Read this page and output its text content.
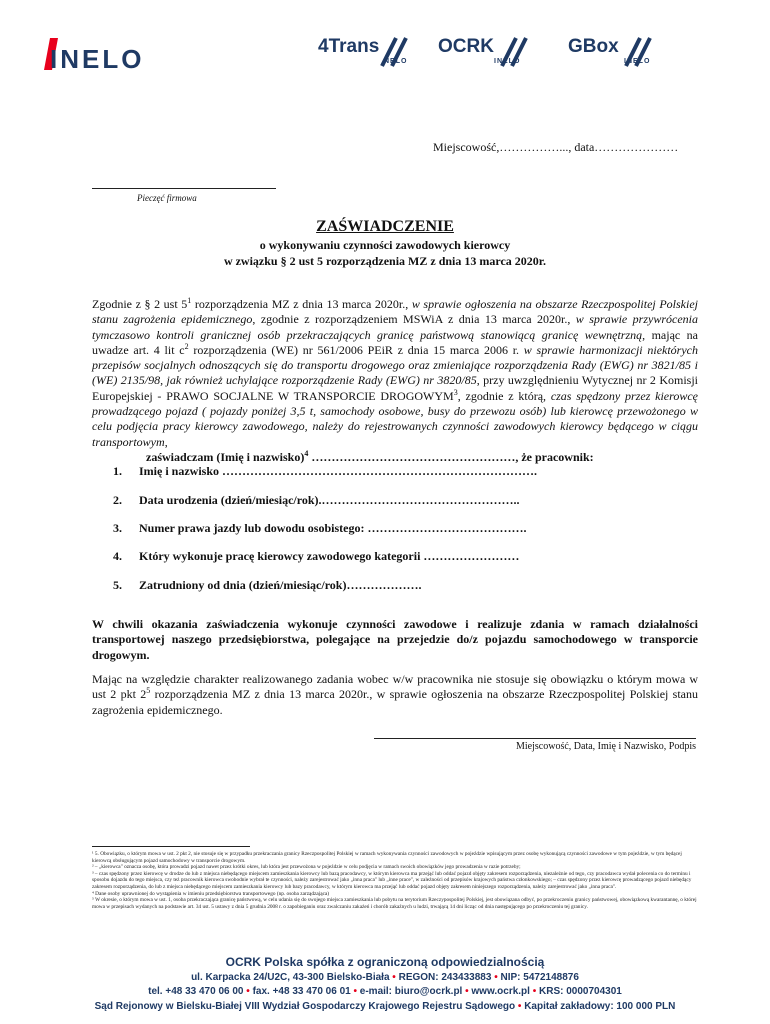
INELO	4Trans
NELO
OCRK
INELO
GBox
INELO
Miejscowość,……………..., data…………………
Pieczęć firmowa
ZAŚWIADCZENIE
o wykonywaniu czynności zawodowych kierowcy
w związku § 2 ust 5 rozporządzenia MZ z dnia 13 marca 2020r.
Zgodnie z § 2 ust $5^1$ rozporządzenia MZ z dnia 13 marca 2020r., w sprawie ogłoszenia na obszarze Rzeczpospolitej Polskiej stanu zagrożenia epidemicznego, zgodnie z rozporządzeniem MSWiA z dnia 13 marca 2020r., w sprawie przywrócenia tymczasowo kontroli granicznej osób przekraczających granicę państwową stanowiącą granicę wewnętrzną, mając na uwadze art. 4 lit $c^2$ rozporządzenia (WE) nr 561/2006 PEiR z dnia 15 marca 2006 r. w sprawie harmonizacji niektórych przepisów socjalnych odnoszących się do transportu drogowego oraz zmieniające rozporządzenia Rady (EWG) nr 3821/85 i (WE) 2135/98, jak również uchylające rozporządzenie Rady (EWG) nr 3820/85, przy uwzględnieniu Wytycznej nr 2 Komisji Europejskiej - PRAWO SOCJALNE W TRANSPORCIE DROGOWYM$^3$, zgodnie z którą, czas spędzony przez kierowcę prowadzącego pojazd ( pojazdy poniżej 3,5 t, samochody osobowe, busy do przewozu osób) lub kierowcę przewożonego w celu podjęcia pracy kierowcy zawodowego, należy do rejestrowanych czynności zawodowych kierowcy będącego w ciągu transportowym,
zaświadczam (Imię i nazwisko)$^4$ ……………………………………………, że pracownik:
1. Imię i nazwisko …………………………………………………………………….
2. Data urodzenia (dzień/miesiąc/rok).…………………………………………..
3. Numer prawa jazdy lub dowodu osobistego: ………………………………….
4. Który wykonuje pracę kierowcy zawodowego kategorii ……………………
5. Zatrudniony od dnia (dzień/miesiąc/rok)……………….
W chwili okazania zaświadczenia wykonuje czynności zawodowe i realizuje zdania w ramach działalności transportowej naszego przedsiębiorstwa, polegające na przejedzie do/z pojazdu samochodowego w transporcie drogowym.
Mając na względzie charakter realizowanego zadania wobec w/w pracownika nie stosuje się obowiązku o którym mowa w ust 2 pkt $2^5$ rozporządzenia MZ z dnia 13 marca 2020r., w sprawie ogłoszenia na obszarze Rzeczpospolitej Polskiej stanu zagrożenia epidemicznego.
Miejscowość, Data, Imię i Nazwisko, Podpis
¹ 5. Obowiązku, o którym mowa w ust. 2 pkt 2, nie stosuje się w przypadku przekraczania granicy Rzeczpospolitej Polskiej w ramach wykonywania czynności zawodowych w pojeździe wpisującym przez osobę wykonującą czynności zawodowe w tym pojeździe, w tym będącej kierowcą obsługującym pojazd samochodowy w transporcie drogowym.
² – „kierowca" oznacza osobę, która prowadzi pojazd nawet przez krótki okres, lub która jest przewożona w pojeździe w celu podjęcia w ramach swoich obowiązków jego prowadzenia w razie potrzeby;
³ – czas spędzony przez kierowcę w drodze do lub z miejsca niebędącego miejscem zamieszkania kierowcy lub bazą pracodawcy, w którym kierowca ma przejąć lub oddać pojazd objęty zakresem rozporządzenia, niezależnie od tego, czy pracodawca wydał polecenia co do terminu i sposobu dojazdu do tego miejsca, czy też pracownik kierowca swobodnie wybrał te czynności, należy zarejestrować jako „inna praca" lub „inne prace", w zależności od przepisów krajowych państwa członkowskiego; – czas spędzony przez kierowcę prowadzącego pojazd niebędący zakresem rozporządzenia, do lub z miejsca niebędącego miejscem zamieszkania kierowcy lub bazy pracodawcy, w którym kierowca ma przejąć lub oddać pojazd objęty zakresem niniejszego rozporządzenia, należy zarejestrować jako „inna praca".
⁴ Dane osoby uprawnionej do wystąpienia w imieniu przedsiębiorstwa transportowego (np. osoba zarządzająca)
⁵ W okresie, o którym mowa w ust. 1, osoba przekraczająca granicę państwową, w celu udania się do swojego miejsca zamieszkania lub pobytu na terytorium Rzeczypospolitej Polskiej, jest obowiązana odbyć, po przekroczeniu granicy państwowej, obowiązkową kwarantannę, o której mowa w przepisach wydanych na podstawie art. 34 ust. 5 ustawy z dnia 5 grudnia 2008 r. o zapobieganiu oraz zwalczaniu zakażeń i chorób zakaźnych u ludzi, trwającą 14 dni licząc od dnia następującego po przekroczeniu tej granicy.
OCRK Polska spółka z ograniczoną odpowiedzialnością
ul. Karpacka 24/U2C, 43-300 Bielsko-Biała • REGON: 243433883 • NIP: 5472148876
tel. +48 33 470 06 00 • fax. +48 33 470 06 01 • e-mail: biuro@ocrk.pl • www.ocrk.pl • KRS: 0000704301
Sąd Rejonowy w Bielsku-Białej VIII Wydział Gospodarczy Krajowego Rejestru Sądowego • Kapitał zakładowy: 100 000 PLN
